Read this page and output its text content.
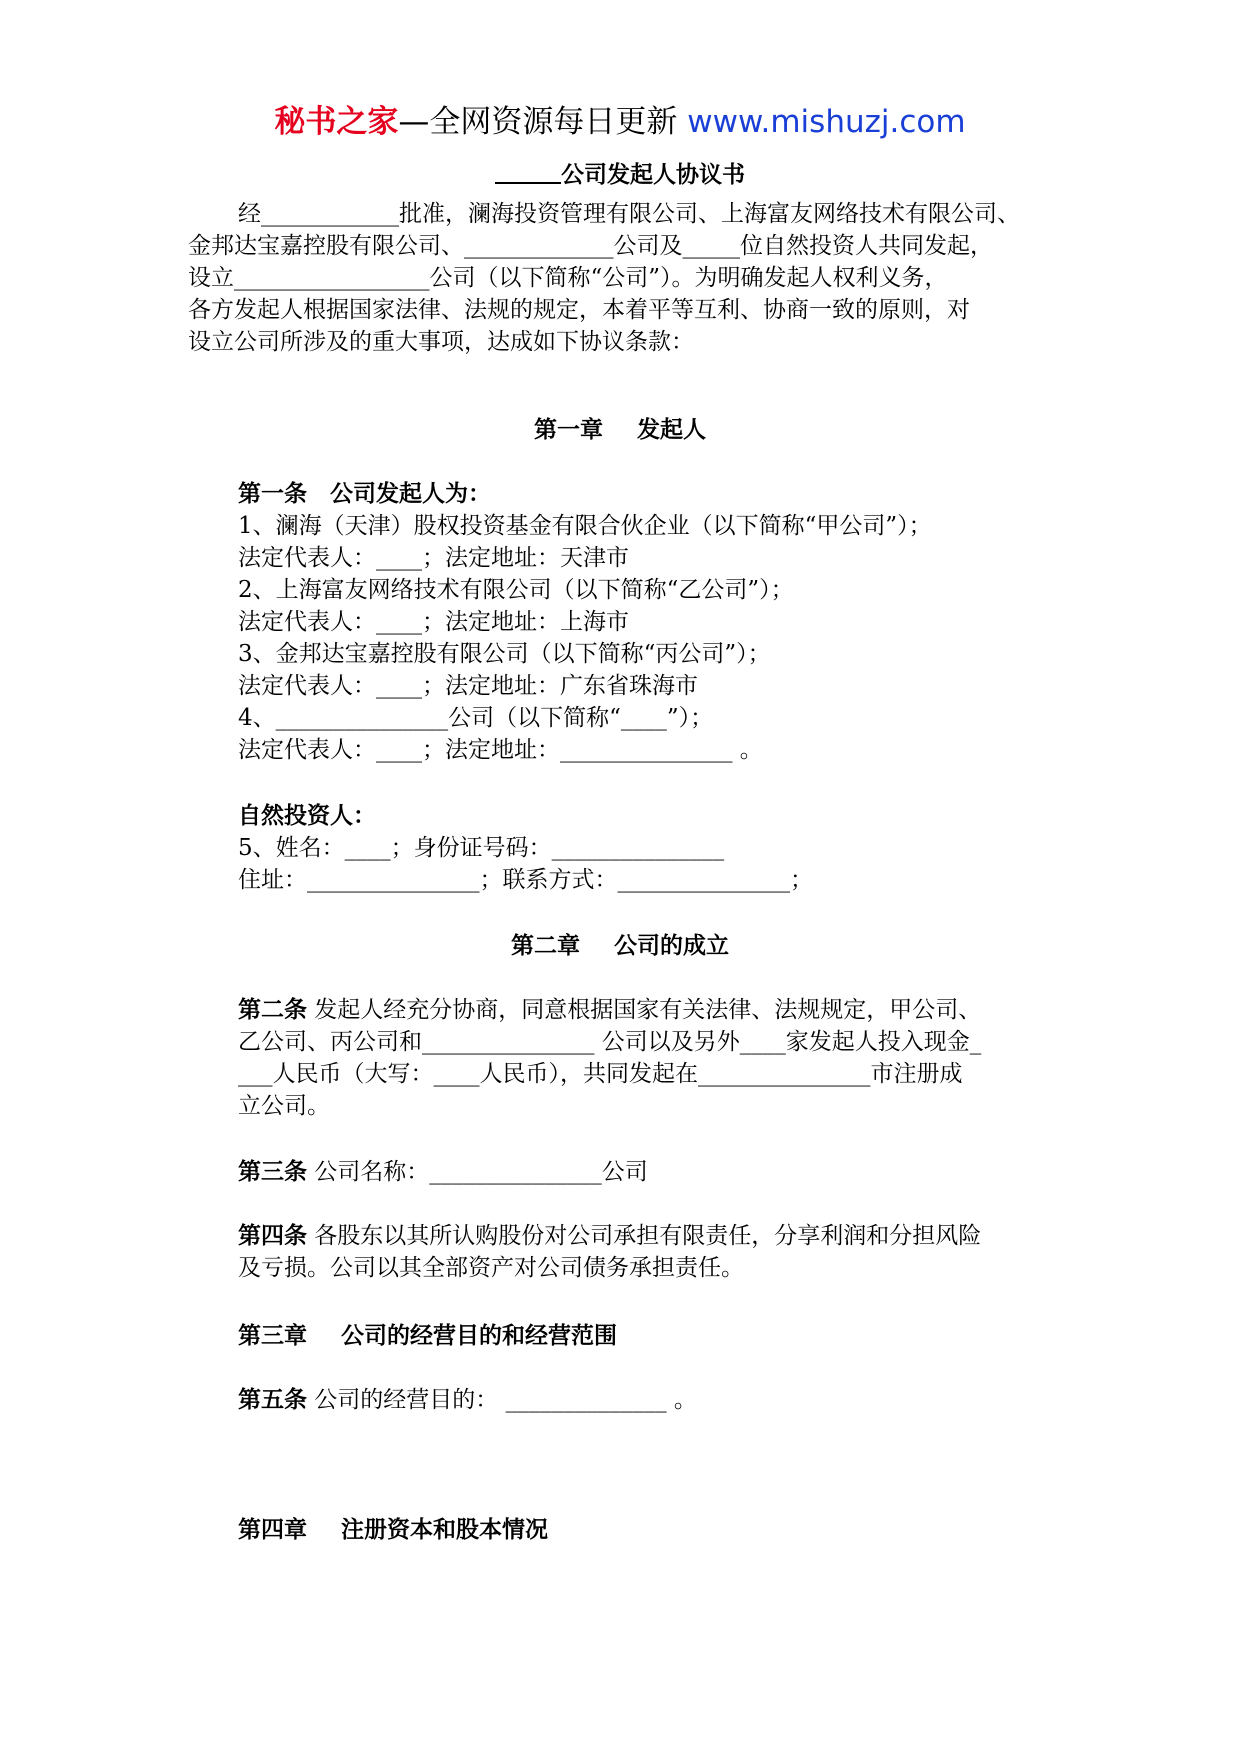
秘书之家—全网资源每日更新 www.mishuzj.com
公司发起人协议书
经____________批准，澜海投资管理有限公司、上海富友网络技术有限公司、
金邦达宝嘉控股有限公司、_____________公司及_____位自然投资人共同发起，
设立_________________公司（以下简称“公司”）。为明确发起人权利义务，
各方发起人根据国家法律、法规的规定，本着平等互利、协商一致的原则，对
设立公司所涉及的重大事项，达成如下协议条款：
第一章 发起人
第一条　公司发起人为：
1、澜海（天津）股权投资基金有限合伙企业（以下简称“甲公司”）；
法定代表人：____；法定地址：天津市
2、上海富友网络技术有限公司（以下简称“乙公司”）；
法定代表人：____；法定地址：上海市
3、金邦达宝嘉控股有限公司（以下简称“丙公司”）；
法定代表人：____；法定地址：广东省珠海市
4、_______________公司（以下简称“____”）；
法定代表人：____；法定地址：_______________ 。
自然投资人：
5、姓名：____；身份证号码：_______________
住址：_______________；联系方式：_______________；
第二章 公司的成立
第二条 发起人经充分协商，同意根据国家有关法律、法规规定，甲公司、
乙公司、丙公司和_______________ 公司以及另外____家发起人投入现金_
___人民币（大写：____人民币），共同发起在_______________市注册成
立公司。
第三条 公司名称：_______________公司
第四条 各股东以其所认购股份对公司承担有限责任，分享利润和分担风险
及亏损。公司以其全部资产对公司债务承担责任。
第三章 公司的经营目的和经营范围
第五条 公司的经营目的： ______________ 。
第四章 注册资本和股本情况
